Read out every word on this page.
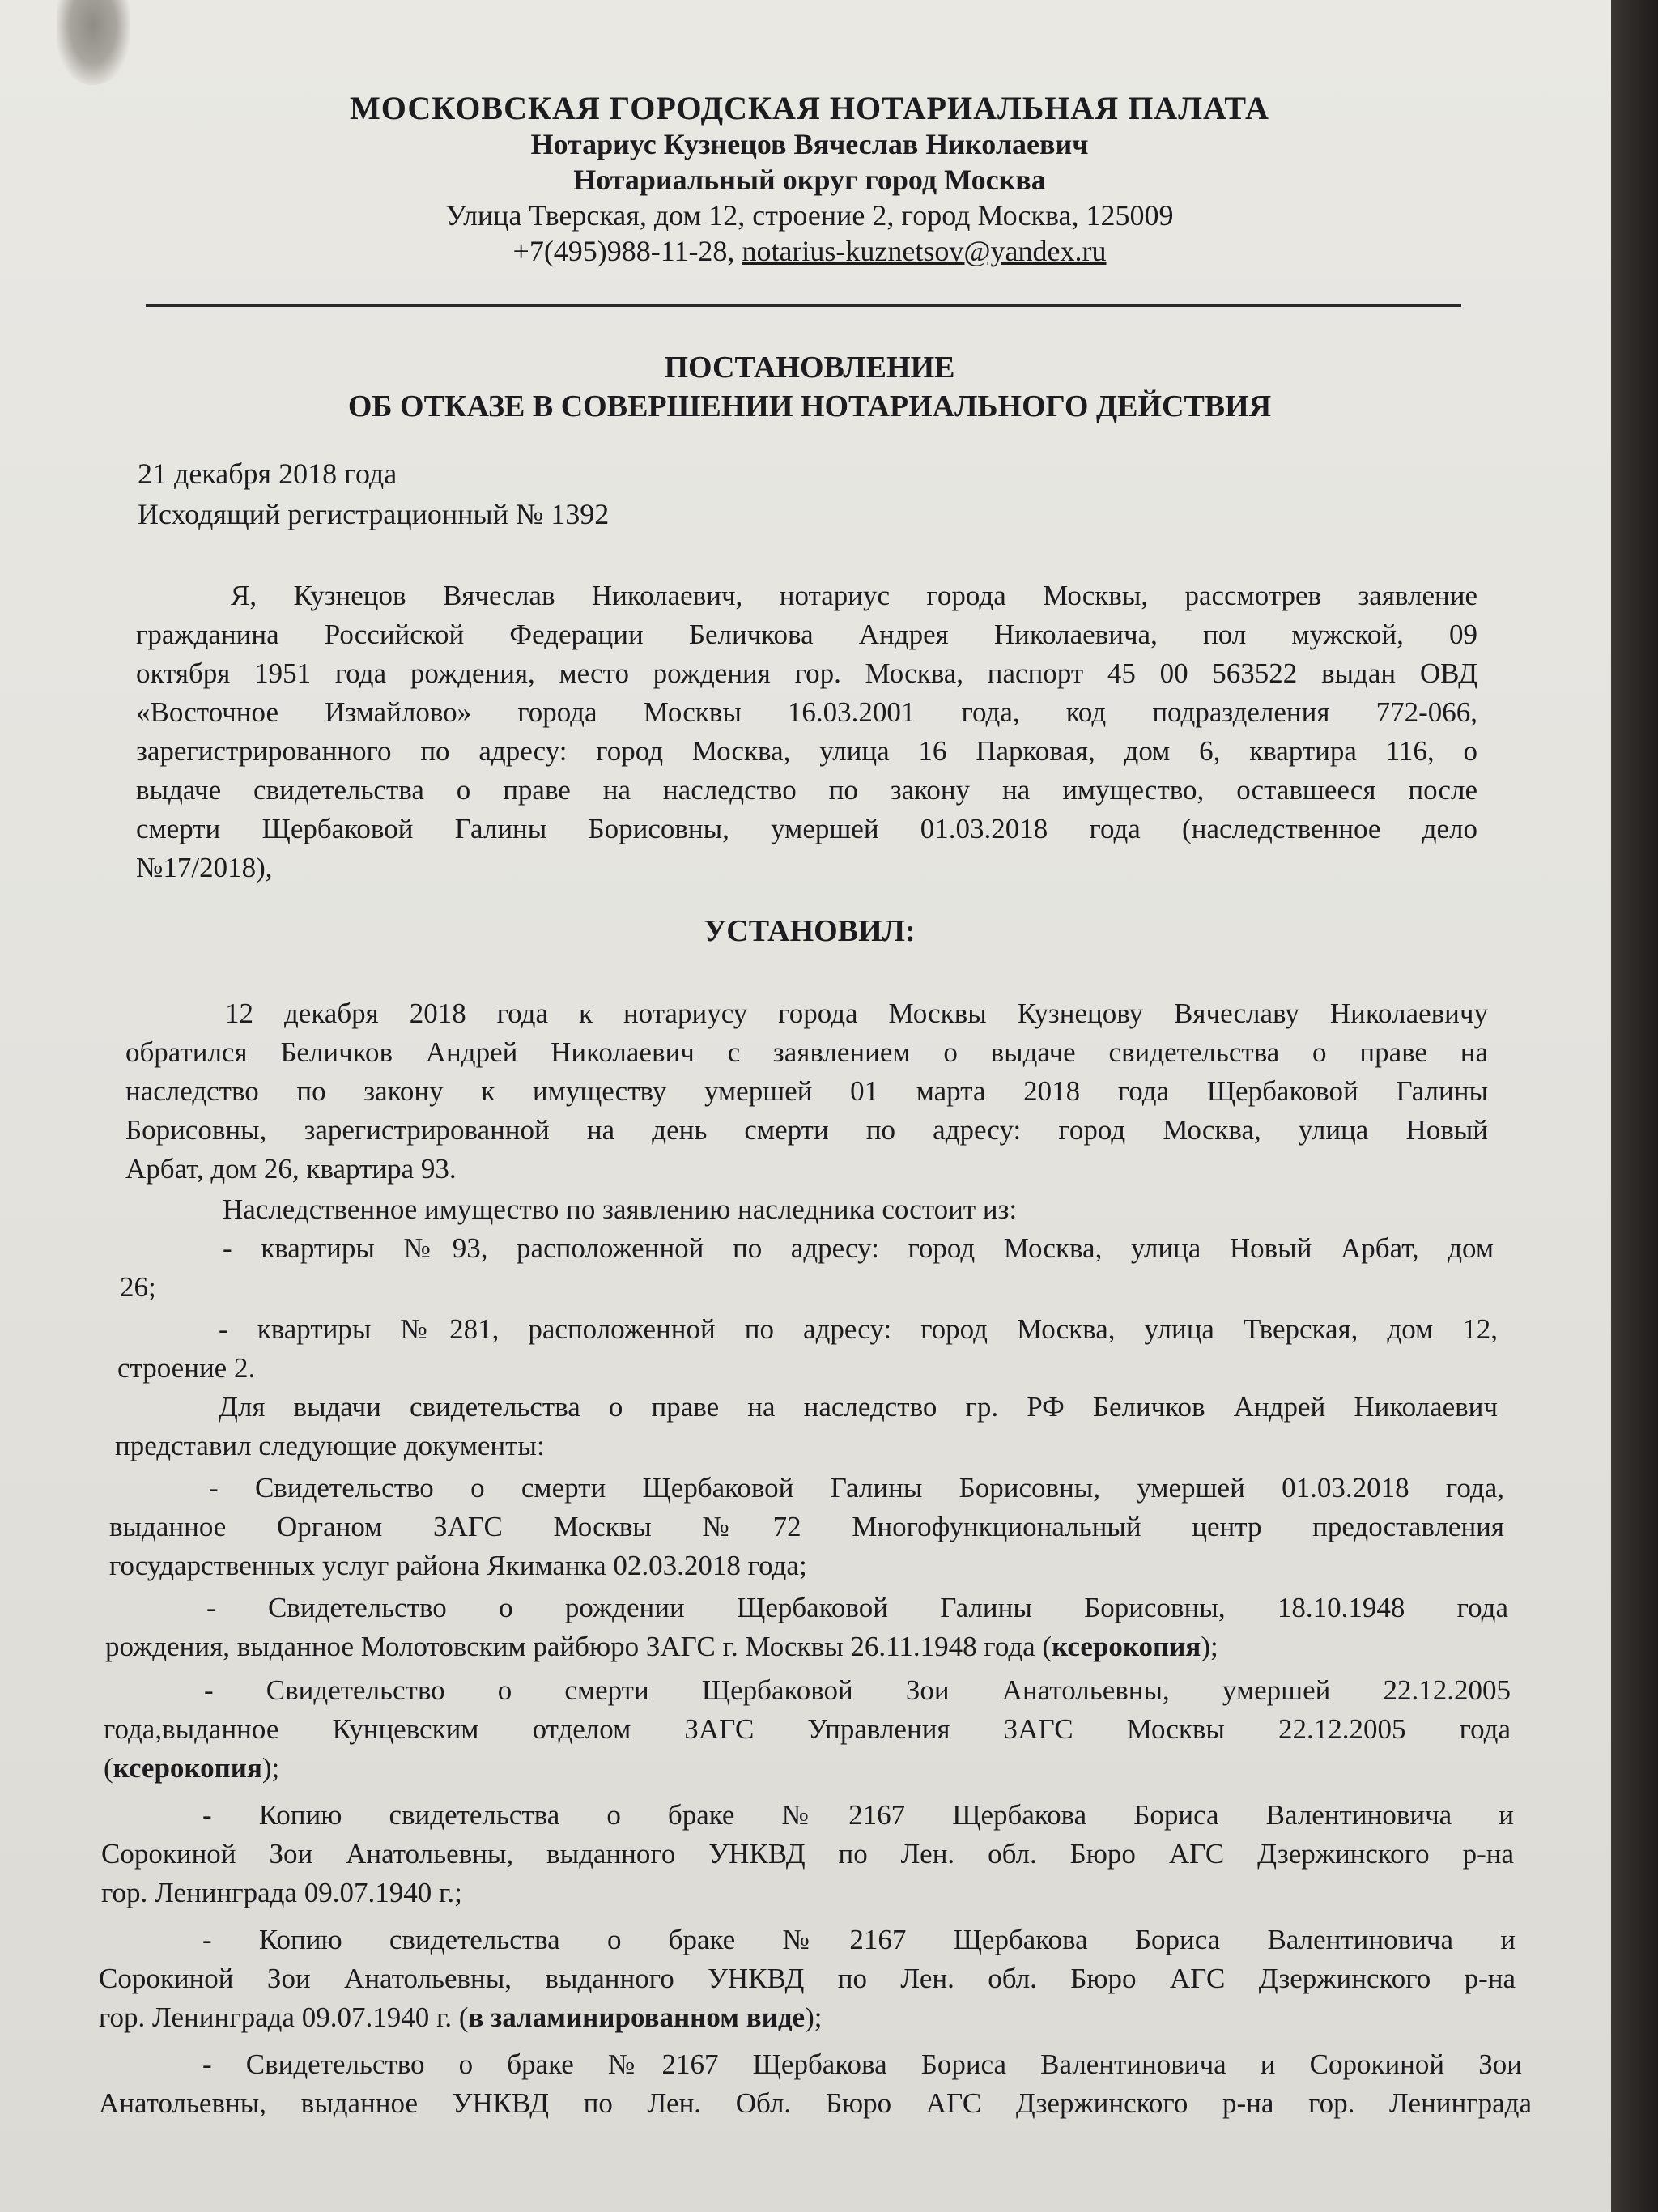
МОСКОВСКАЯ ГОРОДСКАЯ НОТАРИАЛЬНАЯ ПАЛАТА
Нотариус Кузнецов Вячеслав Николаевич
Нотариальный округ город Москва
Улица Тверская, дом 12, строение 2, город Москва, 125009
+7(495)988-11-28, notarius-kuznetsov@yandex.ru
ПОСТАНОВЛЕНИЕ
ОБ ОТКАЗЕ В СОВЕРШЕНИИ НОТАРИАЛЬНОГО ДЕЙСТВИЯ
21 декабря 2018 года
Исходящий регистрационный № 1392
Я, Кузнецов Вячеслав Николаевич, нотариус города Москвы, рассмотрев заявление
гражданина Российской Федерации Беличкова Андрея Николаевича, пол мужской, 09
октября 1951 года рождения, место рождения гор. Москва, паспорт 45 00 563522 выдан ОВД
«Восточное Измайлово» города Москвы 16.03.2001 года, код подразделения 772-066,
зарегистрированного по адресу: город Москва, улица 16 Парковая, дом 6, квартира 116, о
выдаче свидетельства о праве на наследство по закону на имущество, оставшееся после
смерти Щербаковой Галины Борисовны, умершей 01.03.2018 года (наследственное дело
№17/2018),
УСТАНОВИЛ:
12 декабря 2018 года к нотариусу города Москвы Кузнецову Вячеславу Николаевичу
обратился Беличков Андрей Николаевич с заявлением о выдаче свидетельства о праве на
наследство по закону к имуществу умершей 01 марта 2018 года Щербаковой Галины
Борисовны, зарегистрированной на день смерти по адресу: город Москва, улица Новый
Арбат, дом 26, квартира 93.
Наследственное имущество по заявлению наследника состоит из:
- квартиры №93, расположенной по адресу: город Москва, улица Новый Арбат, дом
26;
- квартиры №281, расположенной по адресу: город Москва, улица Тверская, дом 12,
строение 2.
Для выдачи свидетельства о праве на наследство гр. РФ Беличков Андрей Николаевич
представил следующие документы:
- Свидетельство о смерти Щербаковой Галины Борисовны, умершей 01.03.2018 года,
выданное Органом ЗАГС Москвы №72 Многофункциональный центр предоставления
государственных услуг района Якиманка 02.03.2018 года;
- Свидетельство о рождении Щербаковой Галины Борисовны, 18.10.1948 года
рождения, выданное Молотовским райбюро ЗАГС г. Москвы 26.11.1948 года (ксерокопия);
- Свидетельство о смерти Щербаковой Зои Анатольевны, умершей 22.12.2005
года,выданное Кунцевским отделом ЗАГС Управления ЗАГС Москвы 22.12.2005 года
(ксерокопия);
- Копию свидетельства о браке №2167 Щербакова Бориса Валентиновича и
Сорокиной Зои Анатольевны, выданного УНКВД по Лен. обл. Бюро АГС Дзержинского р-на
гор. Ленинграда 09.07.1940 г.;
- Копию свидетельства о браке №2167 Щербакова Бориса Валентиновича и
Сорокиной Зои Анатольевны, выданного УНКВД по Лен. обл. Бюро АГС Дзержинского р-на
гор. Ленинграда 09.07.1940 г. (в заламинированном виде);
- Свидетельство о браке №2167 Щербакова Бориса Валентиновича и Сорокиной Зои
Анатольевны, выданное УНКВД по Лен. Обл. Бюро АГС Дзержинского р-на гор. Ленинграда
